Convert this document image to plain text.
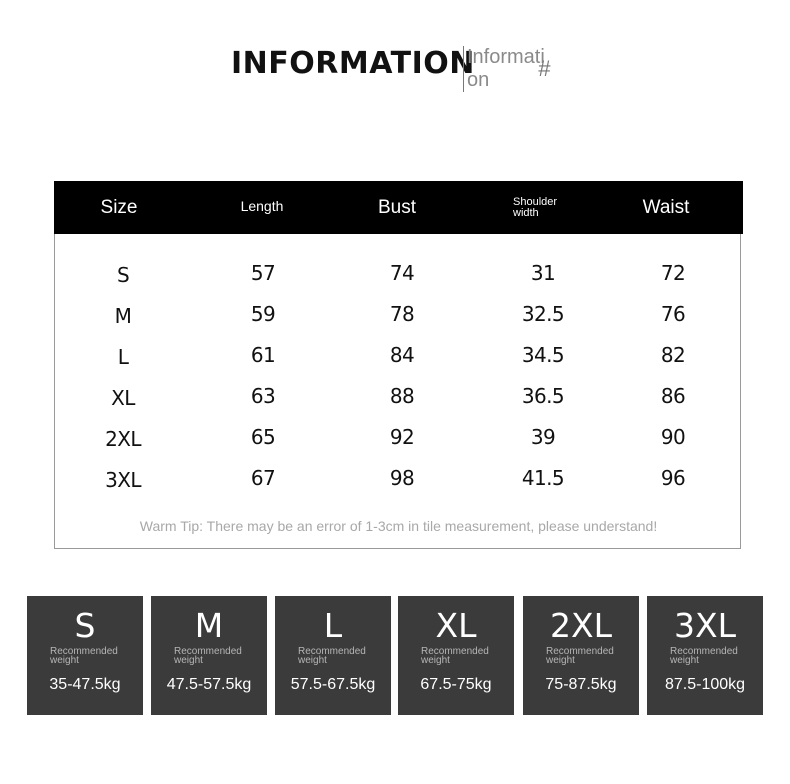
INFORMATION
Information	#
Size	Length	Bust	Shoulder width	Waist
S	57	74	31	72
M	59	78	32.5	76
L	61	84	34.5	82
XL	63	88	36.5	86
2XL	65	92	39	90
3XL	67	98	41.5	96
Warm Tip: There may be an error of 1-3cm in tile measurement, please understand!
S
Recommended weight
35-47.5kg
M
Recommended weight
47.5-57.5kg
L
Recommended weight
57.5-67.5kg
XL
Recommended weight
67.5-75kg
2XL
Recommended weight
75-87.5kg
3XL
Recommended weight
87.5-100kg
